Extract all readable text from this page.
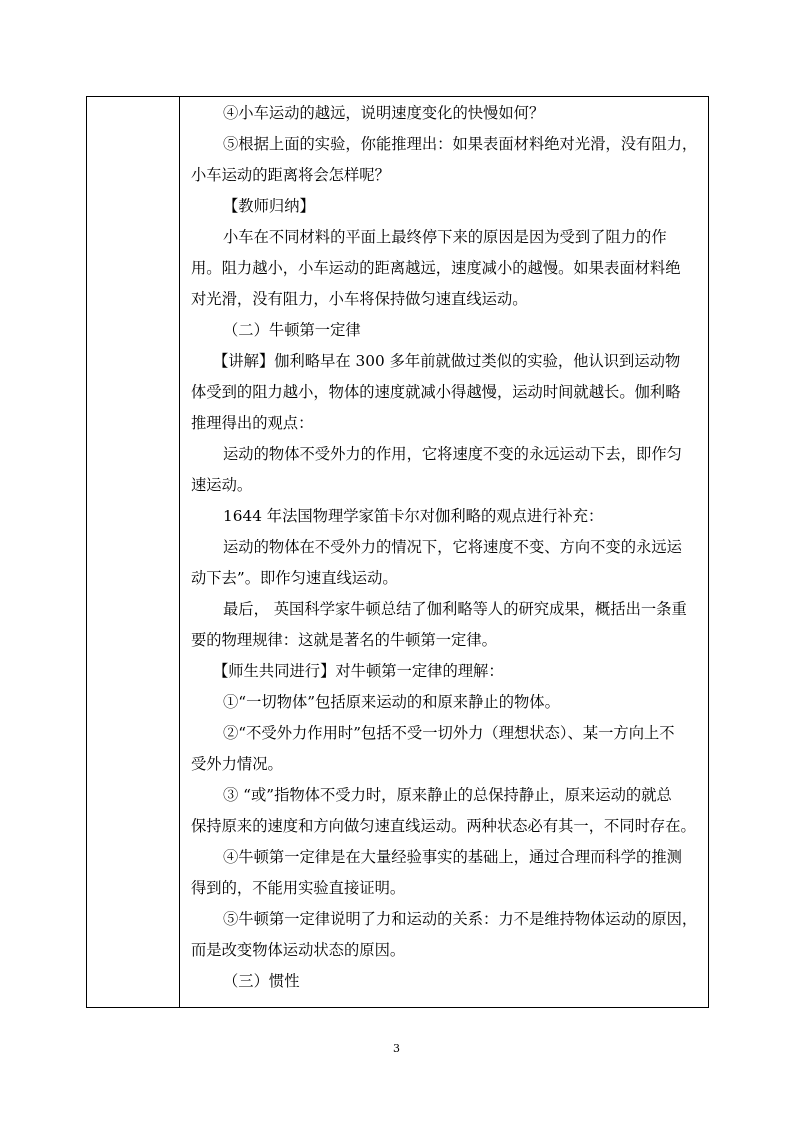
④小车运动的越远，说明速度变化的快慢如何？
⑤根据上面的实验，你能推理出：如果表面材料绝对光滑，没有阻力，
小车运动的距离将会怎样呢？
【教师归纳】
小车在不同材料的平面上最终停下来的原因是因为受到了阻力的作
用。阻力越小，小车运动的距离越远，速度减小的越慢。如果表面材料绝
对光滑，没有阻力，小车将保持做匀速直线运动。
（二）牛顿第一定律
【讲解】伽利略早在 300 多年前就做过类似的实验，他认识到运动物
体受到的阻力越小，物体的速度就减小得越慢，运动时间就越长。伽利略
推理得出的观点：
运动的物体不受外力的作用，它将速度不变的永远运动下去，即作匀
速运动。
1644 年法国物理学家笛卡尔对伽利略的观点进行补充：
运动的物体在不受外力的情况下，它将速度不变、方向不变的永远运
动下去”。即作匀速直线运动。
最后， 英国科学家牛顿总结了伽利略等人的研究成果，概括出一条重
要的物理规律：这就是著名的牛顿第一定律。
【师生共同进行】对牛顿第一定律的理解：
①“一切物体”包括原来运动的和原来静止的物体。
②“不受外力作用时”包括不受一切外力（理想状态）、某一方向上不
受外力情况。
③ “或”指物体不受力时，原来静止的总保持静止，原来运动的就总
保持原来的速度和方向做匀速直线运动。两种状态必有其一，不同时存在。
④牛顿第一定律是在大量经验事实的基础上，通过合理而科学的推测
得到的，不能用实验直接证明。
⑤牛顿第一定律说明了力和运动的关系：力不是维持物体运动的原因，
而是改变物体运动状态的原因。
（三）惯性
3
